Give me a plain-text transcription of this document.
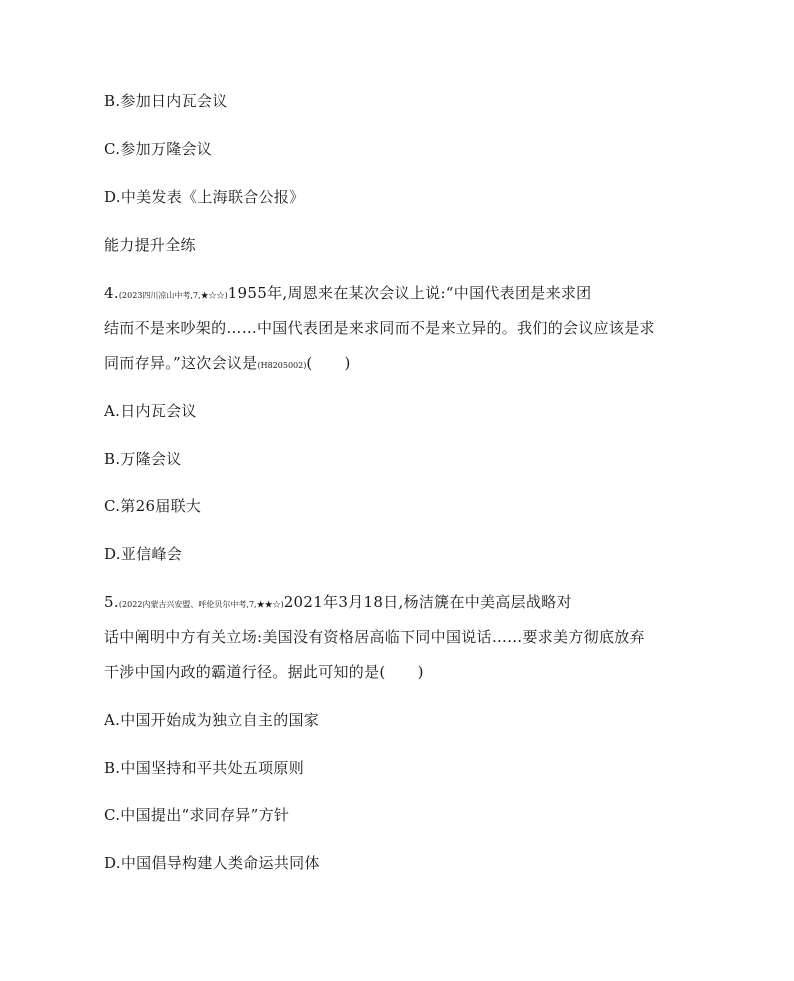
B.参加日内瓦会议
C.参加万隆会议
D.中美发表《上海联合公报》
能力提升全练
4.(2023四川凉山中考,7,★☆☆)1955年,周恩来在某次会议上说:“中国代表团是来求团
结而不是来吵架的……中国代表团是来求同而不是来立异的。我们的会议应该是求
同而存异。”这次会议是(H8205002)( )
A.日内瓦会议
B.万隆会议
C.第26届联大
D.亚信峰会
5.(2022内蒙古兴安盟、呼伦贝尔中考,7,★★☆)2021年3月18日,杨洁篪在中美高层战略对
话中阐明中方有关立场:美国没有资格居高临下同中国说话……要求美方彻底放弃
干涉中国内政的霸道行径。据此可知的是( )
A.中国开始成为独立自主的国家
B.中国坚持和平共处五项原则
C.中国提出“求同存异”方针
D.中国倡导构建人类命运共同体
